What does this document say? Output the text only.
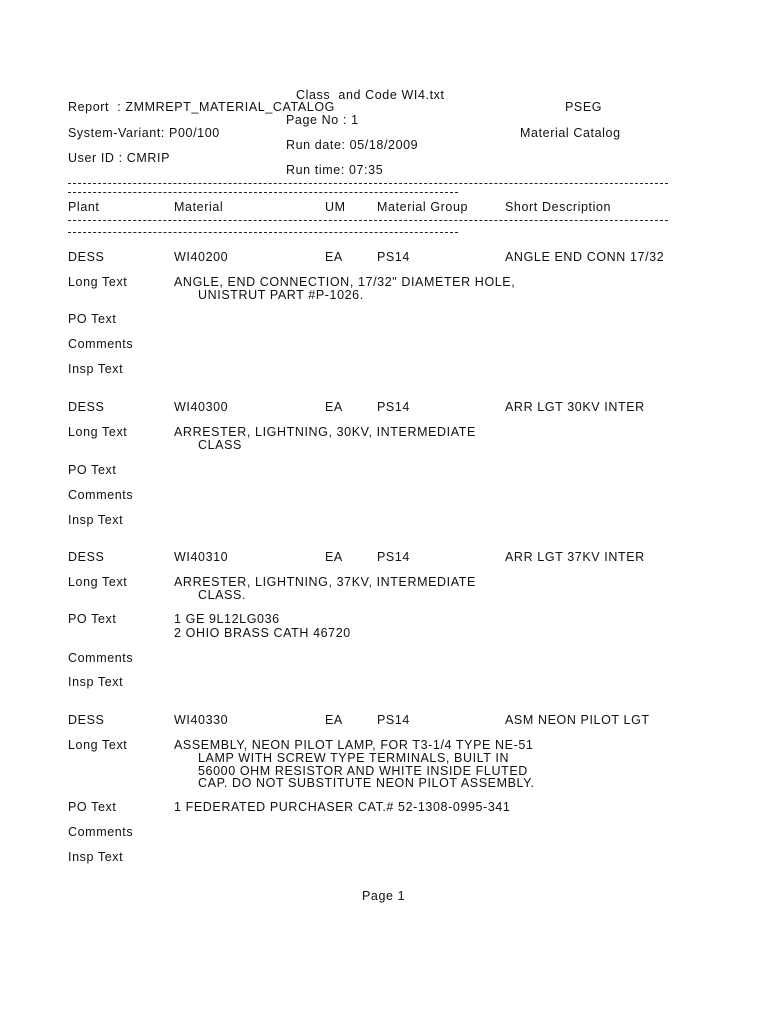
Class  and Code WI4.txt
Report  : ZMMREPT_MATERIAL_CATALOG	PSEG
Page No : 1
System-Variant: P00/100	Material Catalog
Run date: 05/18/2009
User ID : CMRIP
Run time: 07:35
Plant	Material	UM	Material Group	Short Description
DESS	WI40200	EA	PS14	ANGLE END CONN 17/32
Long Text	ANGLE, END CONNECTION, 17/32" DIAMETER HOLE,
UNISTRUT PART #P-1026.
PO Text
Comments
Insp Text
DESS	WI40300	EA	PS14	ARR LGT 30KV INTER
Long Text	ARRESTER, LIGHTNING, 30KV, INTERMEDIATE
CLASS
PO Text
Comments
Insp Text
DESS	WI40310	EA	PS14	ARR LGT 37KV INTER
Long Text	ARRESTER, LIGHTNING, 37KV, INTERMEDIATE
CLASS.
PO Text	1 GE 9L12LG036
2 OHIO BRASS CATH 46720
Comments
Insp Text
DESS	WI40330	EA	PS14	ASM NEON PILOT LGT
Long Text	ASSEMBLY, NEON PILOT LAMP, FOR T3-1/4 TYPE NE-51
LAMP WITH SCREW TYPE TERMINALS, BUILT IN
56000 OHM RESISTOR AND WHITE INSIDE FLUTED
CAP. DO NOT SUBSTITUTE NEON PILOT ASSEMBLY.
PO Text	1 FEDERATED PURCHASER CAT.# 52-1308-0995-341
Comments
Insp Text
Page 1
